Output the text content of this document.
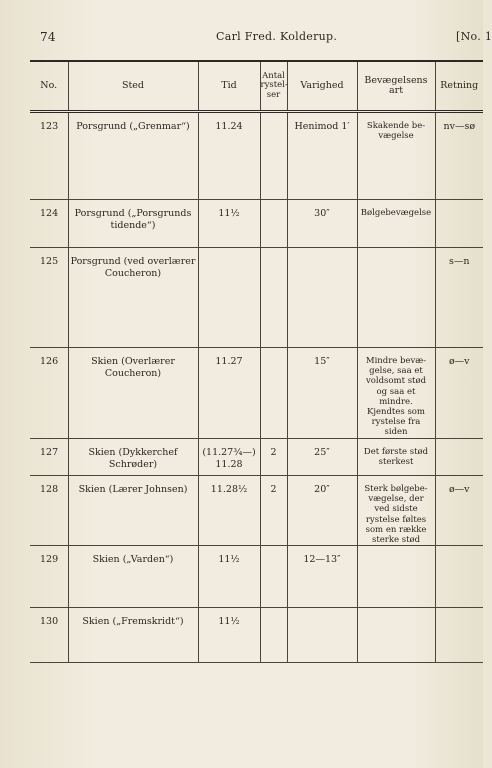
74	Carl Fred. Kolderup.	[No. 1
No.	Sted	Tid	Antal rystel-ser	Varighed	Bevægelsens art	Retning
123	Porsgrund („Grenmar“)	11.24		Henimod 1′	Skakende be-vægelse	nv—sø

124	Porsgrund („Porsgrunds tidende“)	11½		30″	Bølgebevægelse	

125	Porsgrund (ved overlærer Coucheron)					s—n

126	Skien (Overlærer Coucheron)	11.27		15″	Mindre bevæ-gelse, saa et voldsomt stød og saa et mindre. Kjendtes som rystelse fra siden	ø—v

127	Skien (Dykkerchef Schrøder)	(11.27¾—) 11.28	2	25″	Det første stød sterkest	

128	Skien (Lærer Johnsen)	11.28½	2	20″	Sterk bølgebe-vægelse, der ved sidste rystelse føltes som en række sterke stød	ø—v

129	Skien („Varden“)	11½		12—13″		

130	Skien („Fremskridt“)	11½				
